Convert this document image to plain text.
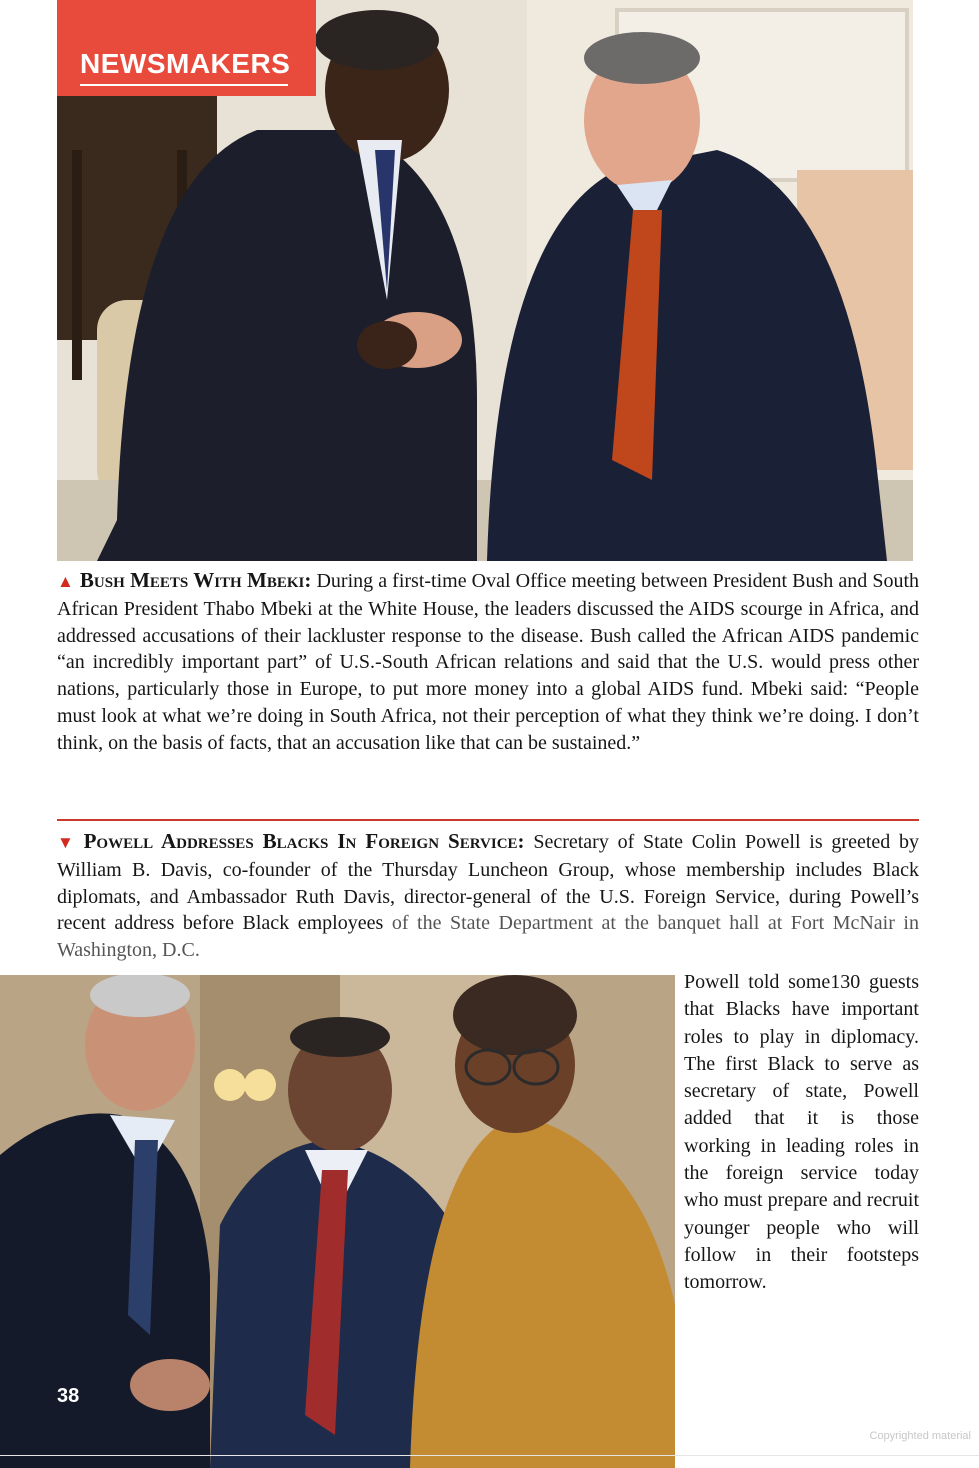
NEWSMAKERS
▲ Bush Meets With Mbeki: During a first-time Oval Office meeting between President Bush and South African President Thabo Mbeki at the White House, the leaders discussed the AIDS scourge in Africa, and addressed accusations of their lackluster response to the disease. Bush called the African AIDS pandemic “an incredibly important part” of U.S.-South African relations and said that the U.S. would press other nations, particularly those in Europe, to put more money into a global AIDS fund. Mbeki said: “People must look at what we’re doing in South Africa, not their perception of what they think we’re doing. I don’t think, on the basis of facts, that an accusation like that can be sustained.”
▼ Powell Addresses Blacks In Foreign Service: Secretary of State Colin Powell is greeted by William B. Davis, co-founder of the Thursday Luncheon Group, whose membership includes Black diplomats, and Ambassador Ruth Davis, director-general of the U.S. Foreign Service, during Powell’s recent address before Black employees of the State Department at the banquet hall at Fort McNair in Washington, D.C.
38
Powell told some130 guests that Blacks have important roles to play in diplomacy. The first Black to serve as secretary of state, Powell added that it is those working in leading roles in the foreign service today who must prepare and recruit younger people who will follow in their footsteps tomorrow.
Copyrighted material
